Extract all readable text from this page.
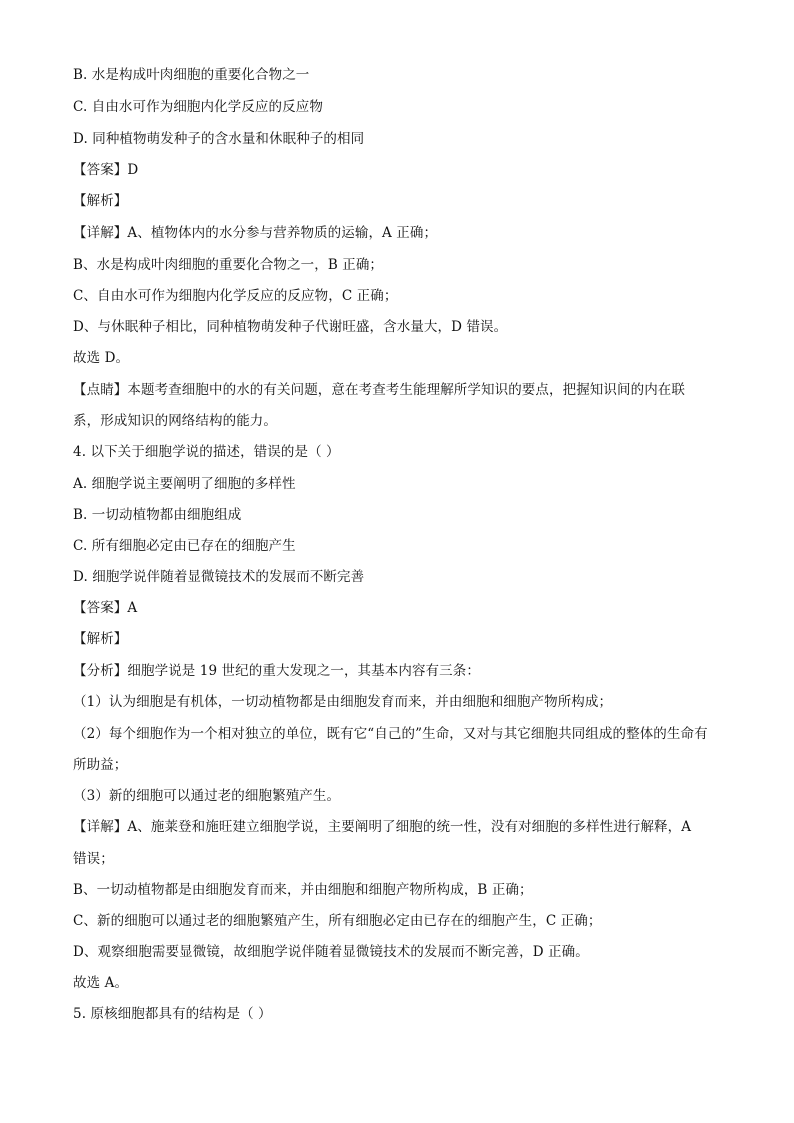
B. 水是构成叶肉细胞的重要化合物之一
C. 自由水可作为细胞内化学反应的反应物
D. 同种植物萌发种子的含水量和休眠种子的相同
【答案】D
【解析】
【详解】A、植物体内的水分参与营养物质的运输，A 正确；
B、水是构成叶肉细胞的重要化合物之一，B 正确；
C、自由水可作为细胞内化学反应的反应物，C 正确；
D、与休眠种子相比，同种植物萌发种子代谢旺盛，含水量大，D 错误。
故选 D。
【点睛】本题考查细胞中的水的有关问题，意在考查考生能理解所学知识的要点，把握知识间的内在联
系，形成知识的网络结构的能力。
4. 以下关于细胞学说的描述，错误的是（ ）
A. 细胞学说主要阐明了细胞的多样性
B. 一切动植物都由细胞组成
C. 所有细胞必定由已存在的细胞产生
D. 细胞学说伴随着显微镜技术的发展而不断完善
【答案】A
【解析】
【分析】细胞学说是 19 世纪的重大发现之一，其基本内容有三条：
（1）认为细胞是有机体，一切动植物都是由细胞发育而来，并由细胞和细胞产物所构成；
（2）每个细胞作为一个相对独立的单位，既有它“自己的”生命，又对与其它细胞共同组成的整体的生命有
所助益；
（3）新的细胞可以通过老的细胞繁殖产生。
【详解】A、施莱登和施旺建立细胞学说，主要阐明了细胞的统一性，没有对细胞的多样性进行解释，A
错误；
B、一切动植物都是由细胞发育而来，并由细胞和细胞产物所构成，B 正确；
C、新的细胞可以通过老的细胞繁殖产生，所有细胞必定由已存在的细胞产生，C 正确；
D、观察细胞需要显微镜，故细胞学说伴随着显微镜技术的发展而不断完善，D 正确。
故选 A。
5. 原核细胞都具有的结构是（ ）
